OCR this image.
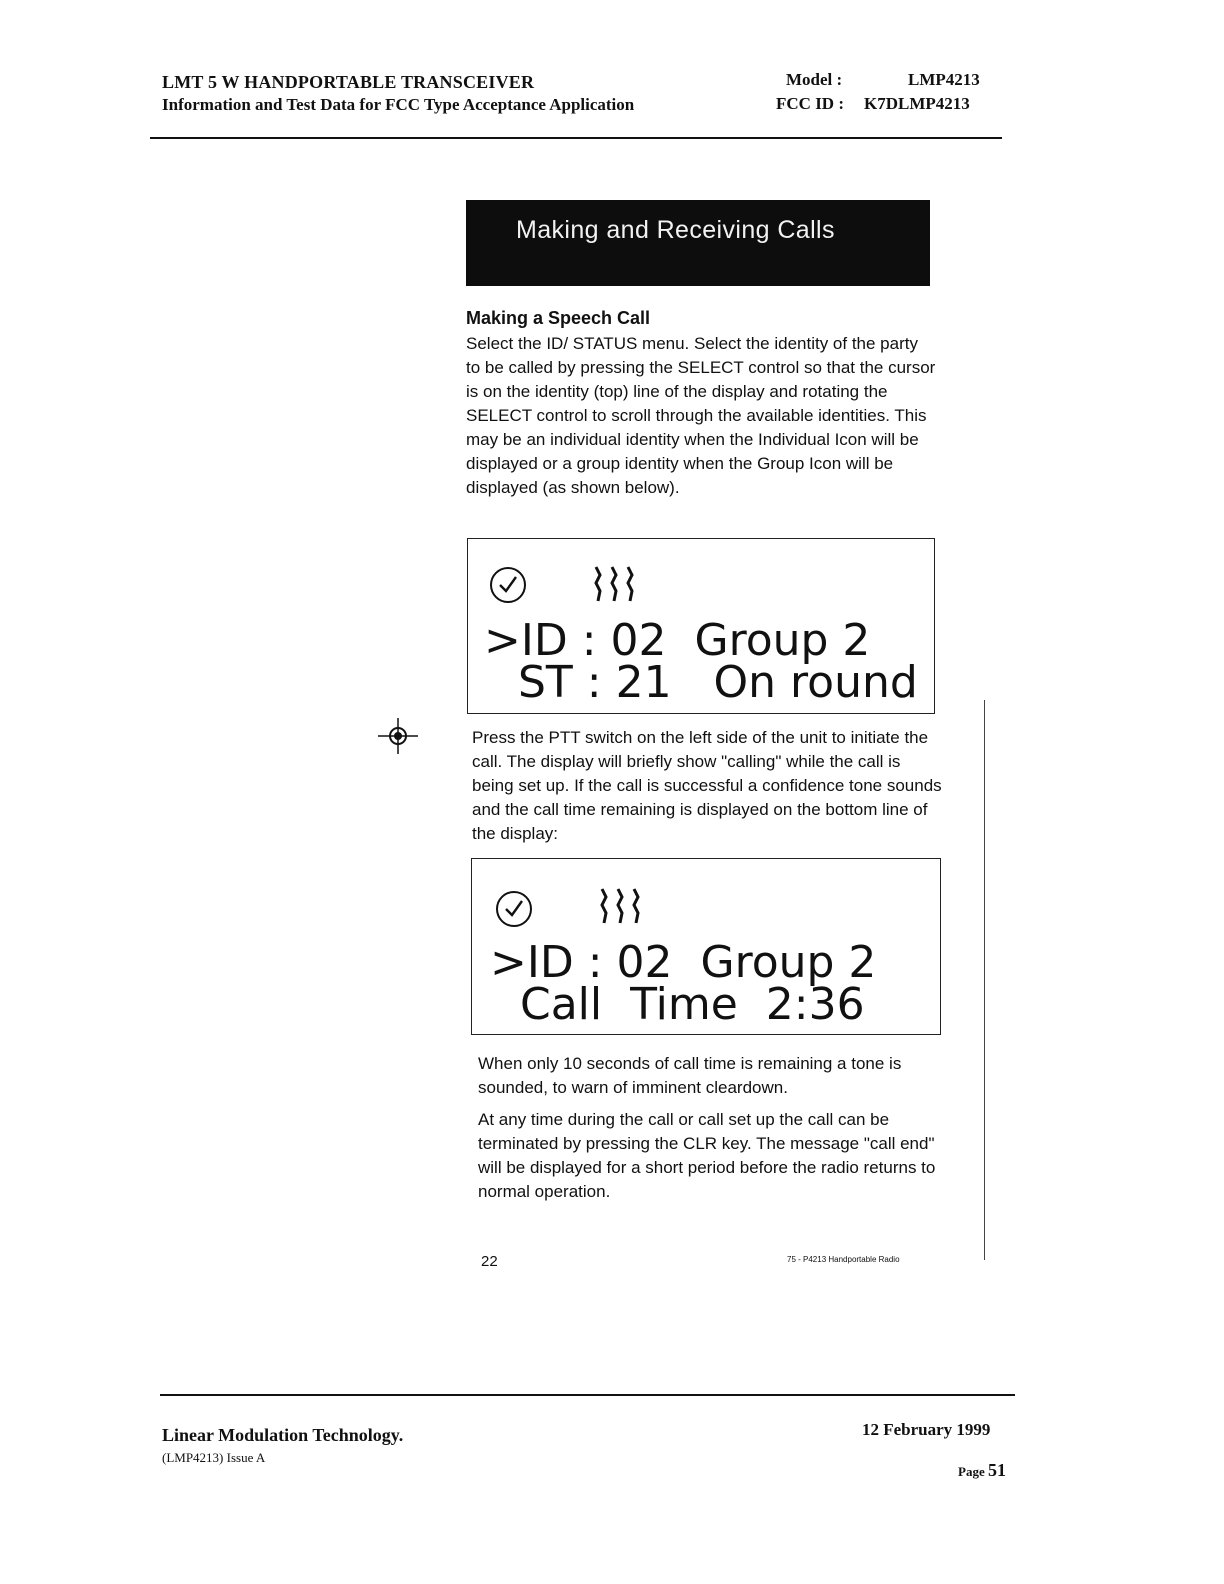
LMT 5 W HANDPORTABLE TRANSCEIVER
Information and Test Data for FCC Type Acceptance Application
Model :	LMP4213
FCC ID : K7DLMP4213
Making and Receiving Calls
Making a Speech Call
Select the ID/ STATUS menu. Select the identity of the party to be called by pressing the SELECT control so that the cursor is on the identity (top) line of the display and rotating the SELECT control to scroll through the available identities. This may be an individual identity when the Individual Icon will be displayed or a group identity when the Group Icon will be displayed (as shown below).
>ID : 02  Group 2
ST : 21   On round
Press the PTT switch on the left side of the unit to initiate the call. The display will briefly show "calling" while the call is being set up. If the call is successful a confidence tone sounds and the call time remaining is displayed on the bottom line of the display:
>ID : 02  Group 2
Call  Time  2:36
When only 10 seconds of call time is remaining a tone is sounded, to warn of imminent cleardown.
At any time during the call or call set up the call can be terminated by pressing the CLR key. The message "call end" will be displayed for a short period before the radio returns to normal operation.
22	75 - P4213 Handportable Radio
Linear Modulation Technology.
(LMP4213) Issue A
12 February 1999
Page 51
